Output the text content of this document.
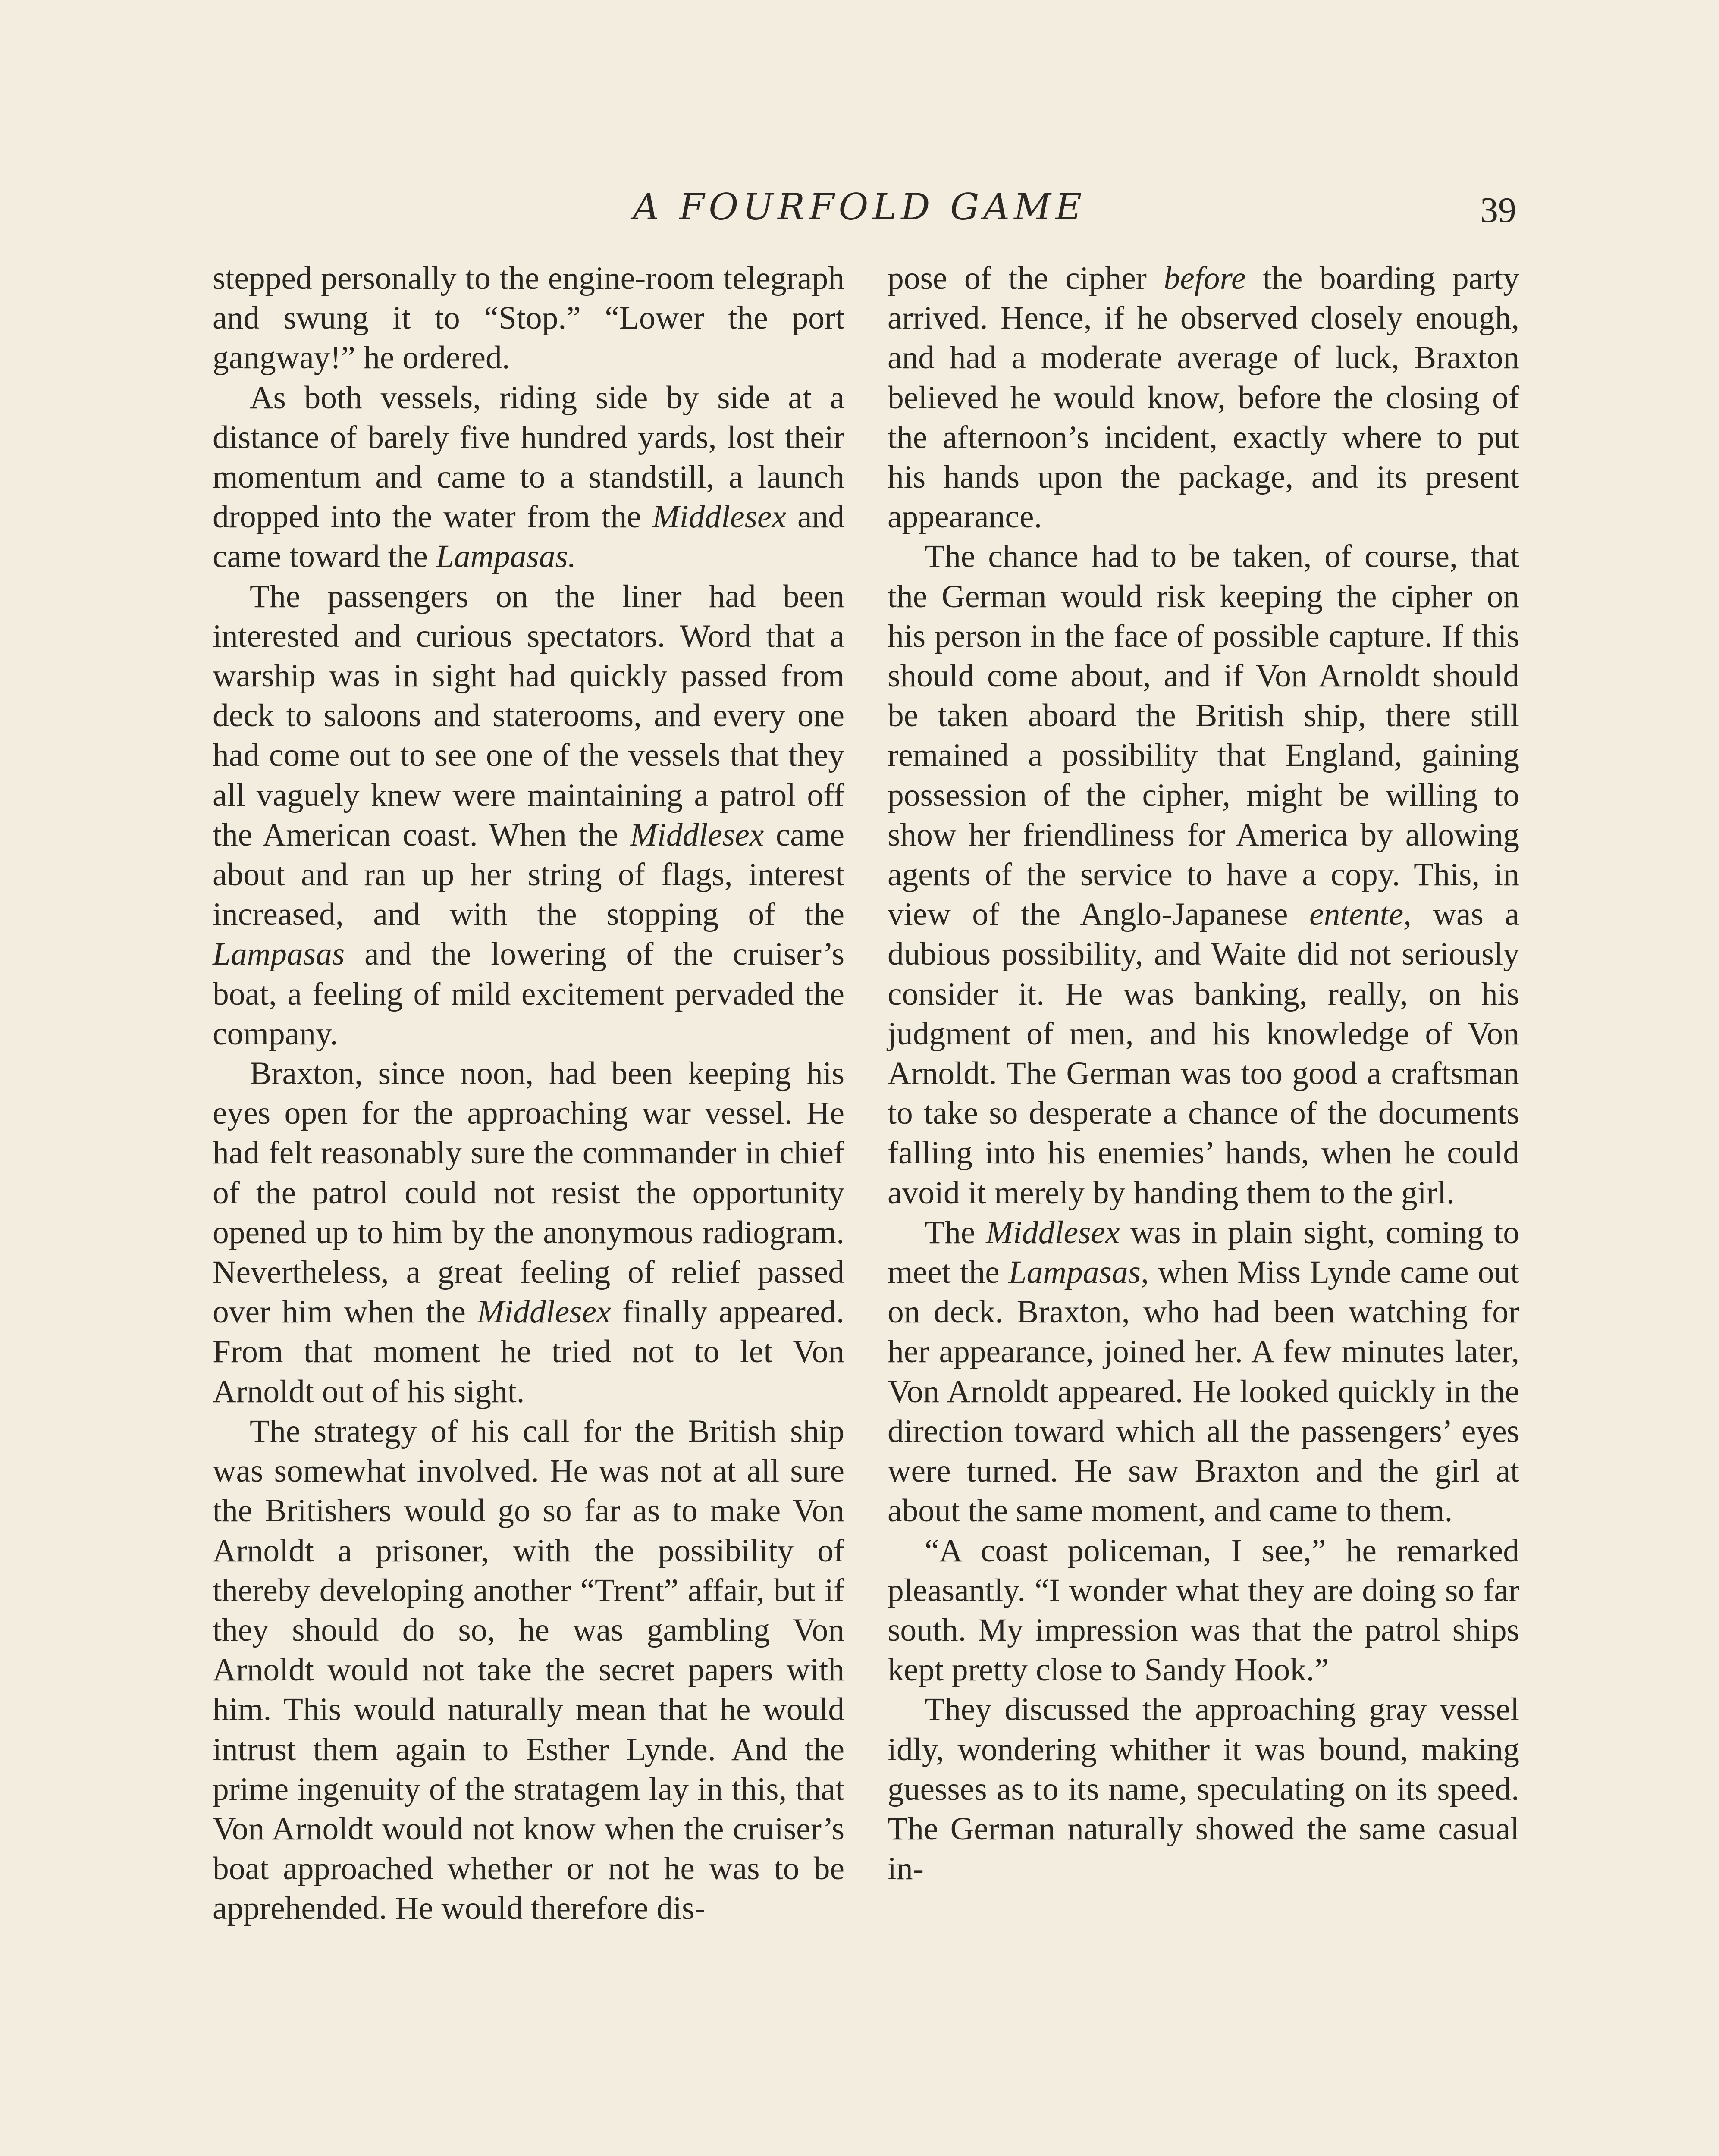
A FOURFOLD GAME	39

stepped personally to the engine-room telegraph and swung it to “Stop.” “Lower the port gangway!” he ordered.

As both vessels, riding side by side at a distance of barely five hundred yards, lost their momentum and came to a standstill, a launch dropped into the water from the Middlesex and came toward the Lampasas.

The passengers on the liner had been interested and curious spectators. Word that a warship was in sight had quickly passed from deck to saloons and staterooms, and every one had come out to see one of the vessels that they all vaguely knew were maintaining a patrol off the American coast. When the Middlesex came about and ran up her string of flags, interest increased, and with the stopping of the Lampasas and the lowering of the cruiser’s boat, a feeling of mild excitement pervaded the company.

Braxton, since noon, had been keeping his eyes open for the approaching war vessel. He had felt reasonably sure the commander in chief of the patrol could not resist the opportunity opened up to him by the anonymous radiogram. Nevertheless, a great feeling of relief passed over him when the Middlesex finally appeared. From that moment he tried not to let Von Arnoldt out of his sight.

The strategy of his call for the British ship was somewhat involved. He was not at all sure the Britishers would go so far as to make Von Arnoldt a prisoner, with the possibility of thereby developing another “Trent” affair, but if they should do so, he was gambling Von Arnoldt would not take the secret papers with him. This would naturally mean that he would intrust them again to Esther Lynde. And the prime ingenuity of the stratagem lay in this, that Von Arnoldt would not know when the cruiser’s boat approached whether or not he was to be apprehended. He would therefore dis-

pose of the cipher before the boarding party arrived. Hence, if he observed closely enough, and had a moderate average of luck, Braxton believed he would know, before the closing of the afternoon’s incident, exactly where to put his hands upon the package, and its present appearance.

The chance had to be taken, of course, that the German would risk keeping the cipher on his person in the face of possible capture. If this should come about, and if Von Arnoldt should be taken aboard the British ship, there still remained a possibility that England, gaining possession of the cipher, might be willing to show her friendliness for America by allowing agents of the service to have a copy. This, in view of the Anglo-Japanese entente, was a dubious possibility, and Waite did not seriously consider it. He was banking, really, on his judgment of men, and his knowledge of Von Arnoldt. The German was too good a craftsman to take so desperate a chance of the documents falling into his enemies’ hands, when he could avoid it merely by handing them to the girl.

The Middlesex was in plain sight, coming to meet the Lampasas, when Miss Lynde came out on deck. Braxton, who had been watching for her appearance, joined her. A few minutes later, Von Arnoldt appeared. He looked quickly in the direction toward which all the passengers’ eyes were turned. He saw Braxton and the girl at about the same moment, and came to them.

“A coast policeman, I see,” he remarked pleasantly. “I wonder what they are doing so far south. My impression was that the patrol ships kept pretty close to Sandy Hook.”

They discussed the approaching gray vessel idly, wondering whither it was bound, making guesses as to its name, speculating on its speed. The German naturally showed the same casual in-
